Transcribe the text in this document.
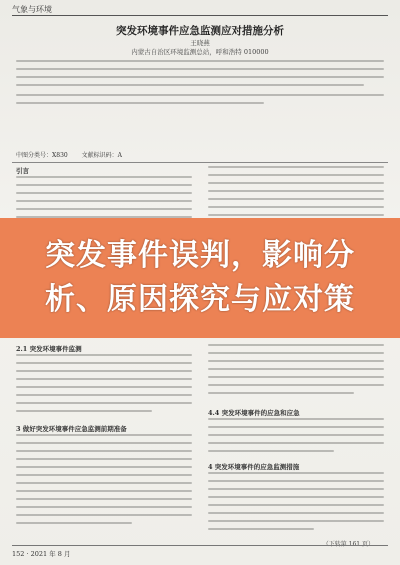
气象与环境
突发环境事件应急监测应对措施分析
王晓燕
内蒙古自治区环境监测总站，呼和浩特 010000
中图分类号：X830 文献标识码：A
引言
突发事件误判，影响分
析、原因探究与应对策
2.1 突发环境事件监测
3 做好突发环境事件应急监测前期准备
4.4 突发环境事件的应急和应急
4 突发环境事件的应急监测措施
152 · 2021 年 8 月
